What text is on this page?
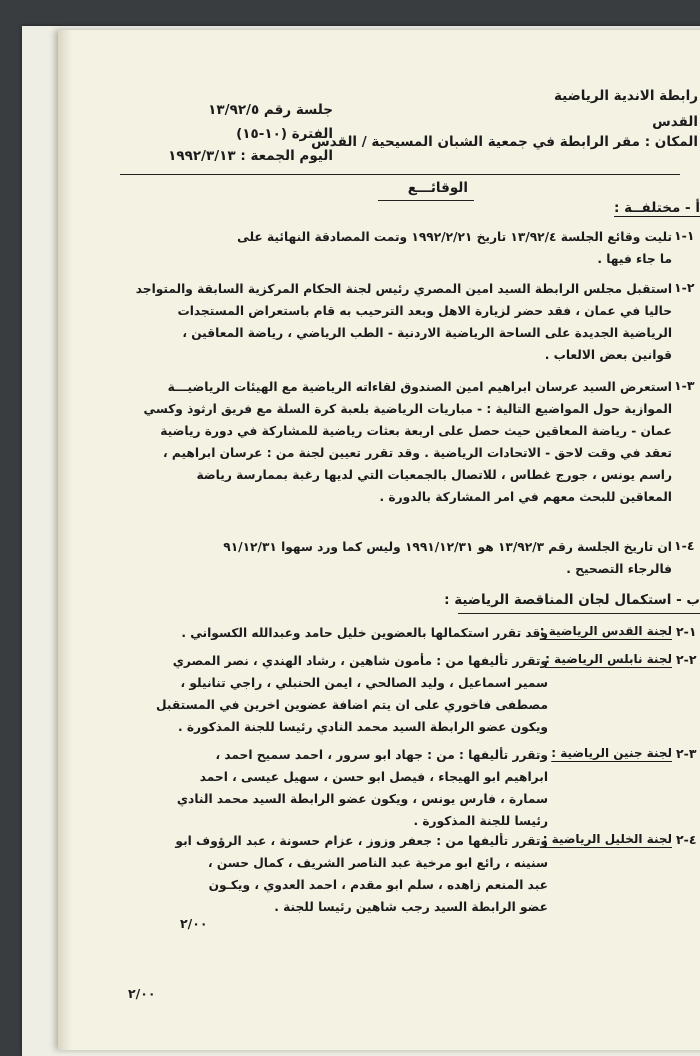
رابطة الاندية الرياضية
القدس
المكان : مقر الرابطة في جمعية الشبان المسيحية / القدس
جلسة رقم ١٣/٩٢/٥
الفترة (١٠-١٥)
اليوم الجمعة : ١٩٩٢/٣/١٣
الوقائـــع
أ - مختلفــة :
١-١
تليت وقائع الجلسة ١٣/٩٢/٤ تاريخ ١٩٩٢/٢/٢١ وتمت المصادقة النهائية على
ما جاء فيها .
٢-١
استقبل مجلس الرابطة السيد امين المصري رئيس لجنة الحكام المركزية السابقة والمتواجد
حاليا في عمان ، فقد حضر لزيارة الاهل وبعد الترحيب به قام باستعراض المستجدات
الرياضية الجديدة على الساحة الرياضية الاردنية - الطب الرياضي ، رياضة المعاقين ،
قوانين بعض الالعاب .
٣-١
استعرض السيد عرسان ابراهيم امين الصندوق لقاءاته الرياضية مع الهيئات الرياضيـــة
الموازية حول المواضيع التالية : - مباريات الرياضية بلعبة كرة السلة مع فريق ارثوذ وكسي
عمان - رياضة المعاقين حيث حصل على اربعة بعثات رياضية للمشاركة في دورة رياضية
تعقد في وقت لاحق - الاتحادات الرياضية . وقد تقرر تعيين لجنة من : عرسان ابراهيم ،
راسم يونس ، جورج غطاس ، للاتصال بالجمعيات التي لديها رغبة بممارسة رياضة
المعاقين للبحث معهم في امر المشاركة بالدورة .
٤-١
ان تاريخ الجلسة رقم ١٣/٩٢/٣ هو ١٩٩١/١٢/٣١ وليس كما ورد سهوا ٩١/١٢/٣١
فالرجاء التصحيح .
ب - استكمال لجان المناقصة الرياضية :
١-٢
لجنة القدس الرياضية :
وقد تقرر استكمالها بالعضوين خليل حامد وعبدالله الكسواني .
٢-٢
لجنة نابلس الرياضية :
وتقرر تأليفها من : مأمون شاهين ، رشاد الهندي ، نصر المصري
سمير اسماعيل ، وليد الصالحي ، ايمن الحنبلي ، راجي تنانيلو ،
مصطفى فاخوري على ان يتم اضافة عضوين اخرين في المستقبل
ويكون عضو الرابطة السيد محمد النادي رئيسا للجنة المذكورة .
٣-٢
لجنة جنين الرياضية :
وتقرر تأليفها : من : جهاد ابو سرور ، احمد سميح احمد ،
ابراهيم ابو الهيجاء ، فيصل ابو حسن ، سهيل عيسى ، احمد
سمارة ، فارس يونس ، ويكون عضو الرابطة السيد محمد النادي
رئيسا للجنة المذكورة .
٤-٢
لجنة الخليل الرياضية :
وتقرر تأليفها من : جعفر وزوز ، عزام حسونة ، عبد الرؤوف ابو
سنينه ، رائع ابو مرخية عبد الناصر الشريف ، كمال حسن ،
عبد المنعم زاهده ، سلم ابو مقدم ، احمد العدوي ، ويكـون
عضو الرابطة السيد رجب شاهين رئيسا للجنة .
٢/٠٠
٢/٠٠
